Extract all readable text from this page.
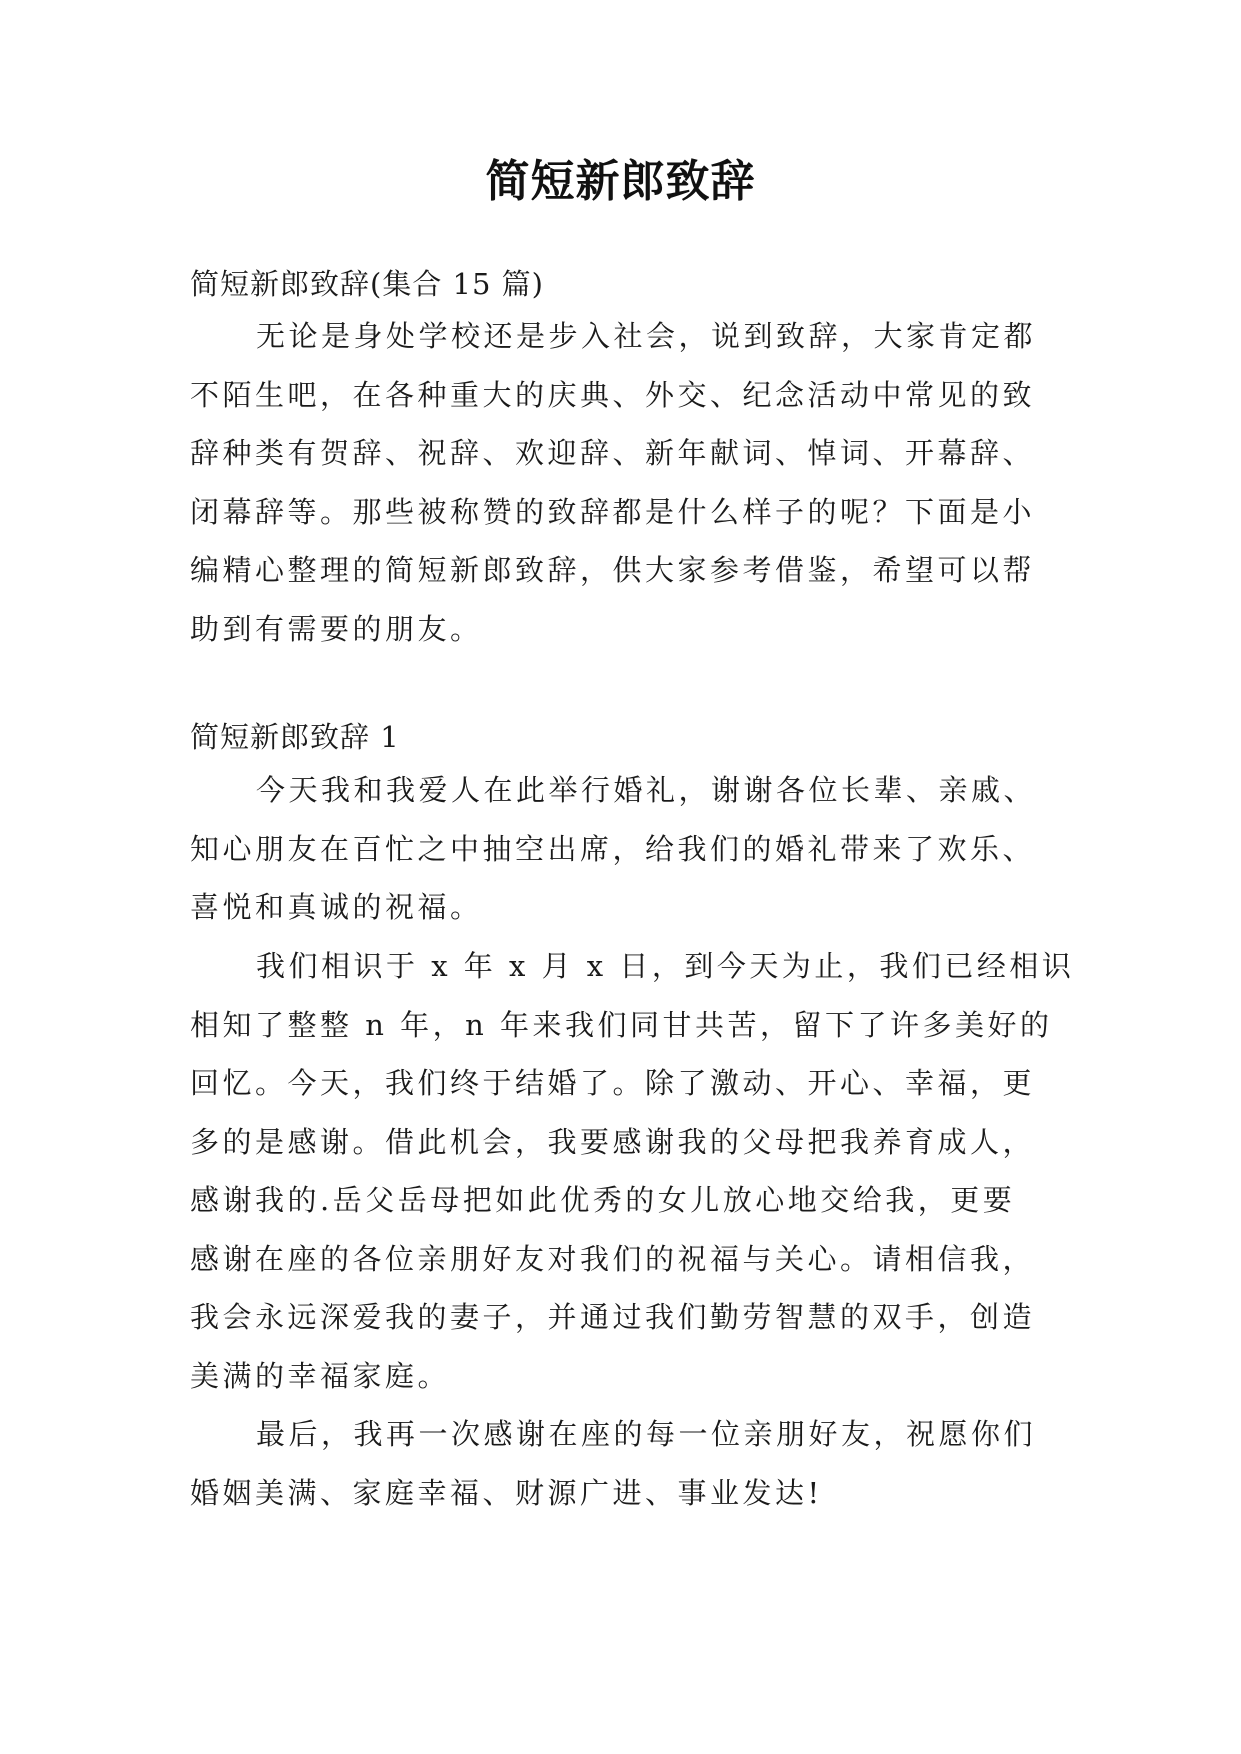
简短新郎致辞
简短新郎致辞(集合 15 篇)
无论是身处学校还是步入社会，说到致辞，大家肯定都
不陌生吧，在各种重大的庆典、外交、纪念活动中常见的致
辞种类有贺辞、祝辞、欢迎辞、新年献词、悼词、开幕辞、
闭幕辞等。那些被称赞的致辞都是什么样子的呢？下面是小
编精心整理的简短新郎致辞，供大家参考借鉴，希望可以帮
助到有需要的朋友。
简短新郎致辞 1
今天我和我爱人在此举行婚礼，谢谢各位长辈、亲戚、
知心朋友在百忙之中抽空出席，给我们的婚礼带来了欢乐、
喜悦和真诚的祝福。
我们相识于 x 年 x 月 x 日，到今天为止，我们已经相识
相知了整整 n 年，n 年来我们同甘共苦，留下了许多美好的
回忆。今天，我们终于结婚了。除了激动、开心、幸福，更
多的是感谢。借此机会，我要感谢我的父母把我养育成人，
感谢我的.岳父岳母把如此优秀的女儿放心地交给我，更要
感谢在座的各位亲朋好友对我们的祝福与关心。请相信我，
我会永远深爱我的妻子，并通过我们勤劳智慧的双手，创造
美满的幸福家庭。
最后，我再一次感谢在座的每一位亲朋好友，祝愿你们
婚姻美满、家庭幸福、财源广进、事业发达!
